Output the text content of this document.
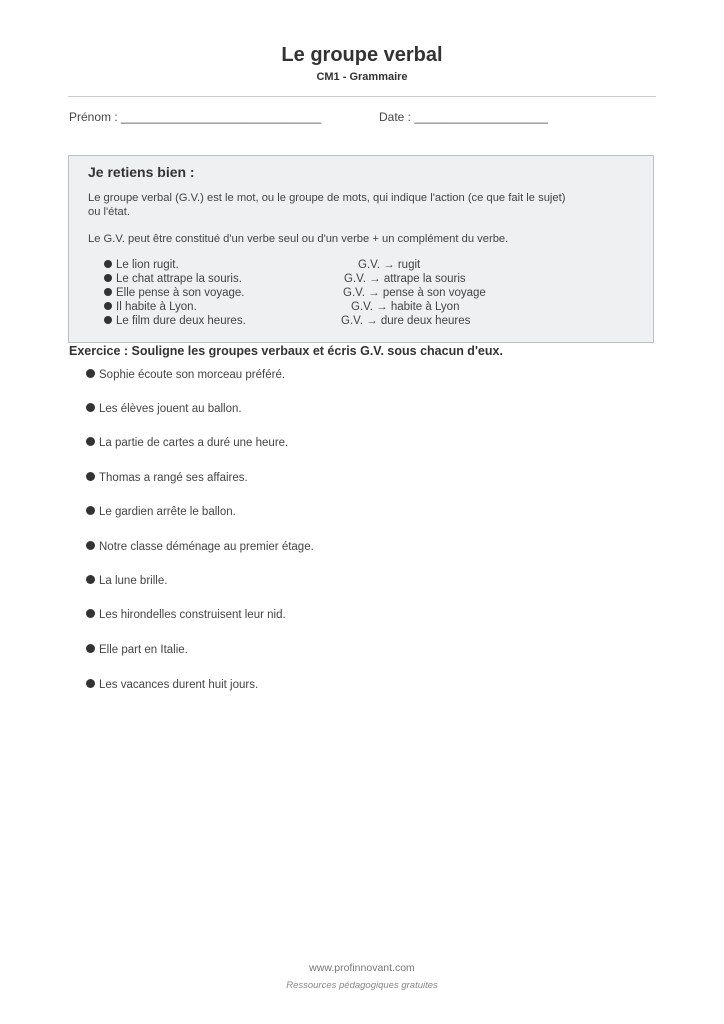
Le groupe verbal
CM1 - Grammaire
Prénom : ______________________________	Date : ____________________
Je retiens bien :
Le groupe verbal (G.V.) est le mot, ou le groupe de mots, qui indique l'action (ce que fait le sujet) ou l'état.
Le G.V. peut être constitué d'un verbe seul ou d'un verbe + un complément du verbe.
Le lion rugit.	G.V. → rugit
Le chat attrape la souris.	G.V. → attrape la souris
Elle pense à son voyage.	G.V. → pense à son voyage
Il habite à Lyon.	G.V. → habite à Lyon
Le film dure deux heures.	G.V. → dure deux heures
Exercice : Souligne les groupes verbaux et écris G.V. sous chacun d'eux.
Sophie écoute son morceau préféré.
Les élèves jouent au ballon.
La partie de cartes a duré une heure.
Thomas a rangé ses affaires.
Le gardien arrête le ballon.
Notre classe déménage au premier étage.
La lune brille.
Les hirondelles construisent leur nid.
Elle part en Italie.
Les vacances durent huit jours.
www.profinnovant.com
Ressources pédagogiques gratuites
